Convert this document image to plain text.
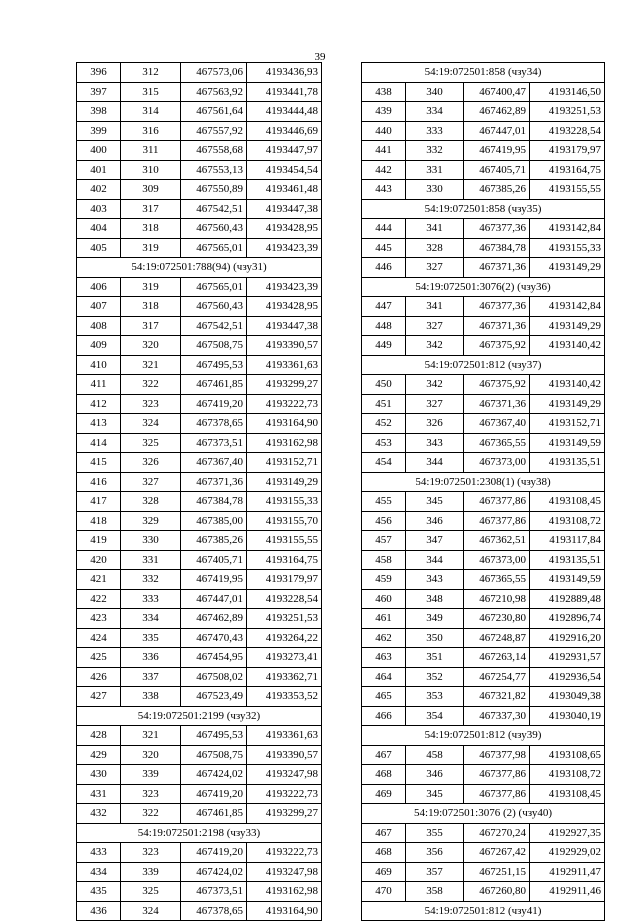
39
396	312	467573,06	4193436,93
397	315	467563,92	4193441,78
398	314	467561,64	4193444,48
399	316	467557,92	4193446,69
400	311	467558,68	4193447,97
401	310	467553,13	4193454,54
402	309	467550,89	4193461,48
403	317	467542,51	4193447,38
404	318	467560,43	4193428,95
405	319	467565,01	4193423,39
54:19:072501:788(94) (чзу31)			
406	319	467565,01	4193423,39
407	318	467560,43	4193428,95
408	317	467542,51	4193447,38
409	320	467508,75	4193390,57
410	321	467495,53	4193361,63
411	322	467461,85	4193299,27
412	323	467419,20	4193222,73
413	324	467378,65	4193164,90
414	325	467373,51	4193162,98
415	326	467367,40	4193152,71
416	327	467371,36	4193149,29
417	328	467384,78	4193155,33
418	329	467385,00	4193155,70
419	330	467385,26	4193155,55
420	331	467405,71	4193164,75
421	332	467419,95	4193179,97
422	333	467447,01	4193228,54
423	334	467462,89	4193251,53
424	335	467470,43	4193264,22
425	336	467454,95	4193273,41
426	337	467508,02	4193362,71
427	338	467523,49	4193353,52
54:19:072501:2199 (чзу32)			
428	321	467495,53	4193361,63
429	320	467508,75	4193390,57
430	339	467424,02	4193247,98
431	323	467419,20	4193222,73
432	322	467461,85	4193299,27
54:19:072501:2198 (чзу33)			
433	323	467419,20	4193222,73
434	339	467424,02	4193247,98
435	325	467373,51	4193162,98
436	324	467378,65	4193164,90
54:19:072501:858 (чзу34)			
438	340	467400,47	4193146,50
439	334	467462,89	4193251,53
440	333	467447,01	4193228,54
441	332	467419,95	4193179,97
442	331	467405,71	4193164,75
443	330	467385,26	4193155,55
54:19:072501:858 (чзу35)			
444	341	467377,36	4193142,84
445	328	467384,78	4193155,33
446	327	467371,36	4193149,29
54:19:072501:3076(2) (чзу36)			
447	341	467377,36	4193142,84
448	327	467371,36	4193149,29
449	342	467375,92	4193140,42
54:19:072501:812 (чзу37)			
450	342	467375,92	4193140,42
451	327	467371,36	4193149,29
452	326	467367,40	4193152,71
453	343	467365,55	4193149,59
454	344	467373,00	4193135,51
54:19:072501:2308(1) (чзу38)			
455	345	467377,86	4193108,45
456	346	467377,86	4193108,72
457	347	467362,51	4193117,84
458	344	467373,00	4193135,51
459	343	467365,55	4193149,59
460	348	467210,98	4192889,48
461	349	467230,80	4192896,74
462	350	467248,87	4192916,20
463	351	467263,14	4192931,57
464	352	467254,77	4192936,54
465	353	467321,82	4193049,38
466	354	467337,30	4193040,19
54:19:072501:812 (чзу39)			
467	458	467377,98	4193108,65
468	346	467377,86	4193108,72
469	345	467377,86	4193108,45
54:19:072501:3076 (2) (чзу40)			
467	355	467270,24	4192927,35
468	356	467267,42	4192929,02
469	357	467251,15	4192911,47
470	358	467260,80	4192911,46
54:19:072501:812 (чзу41)			
